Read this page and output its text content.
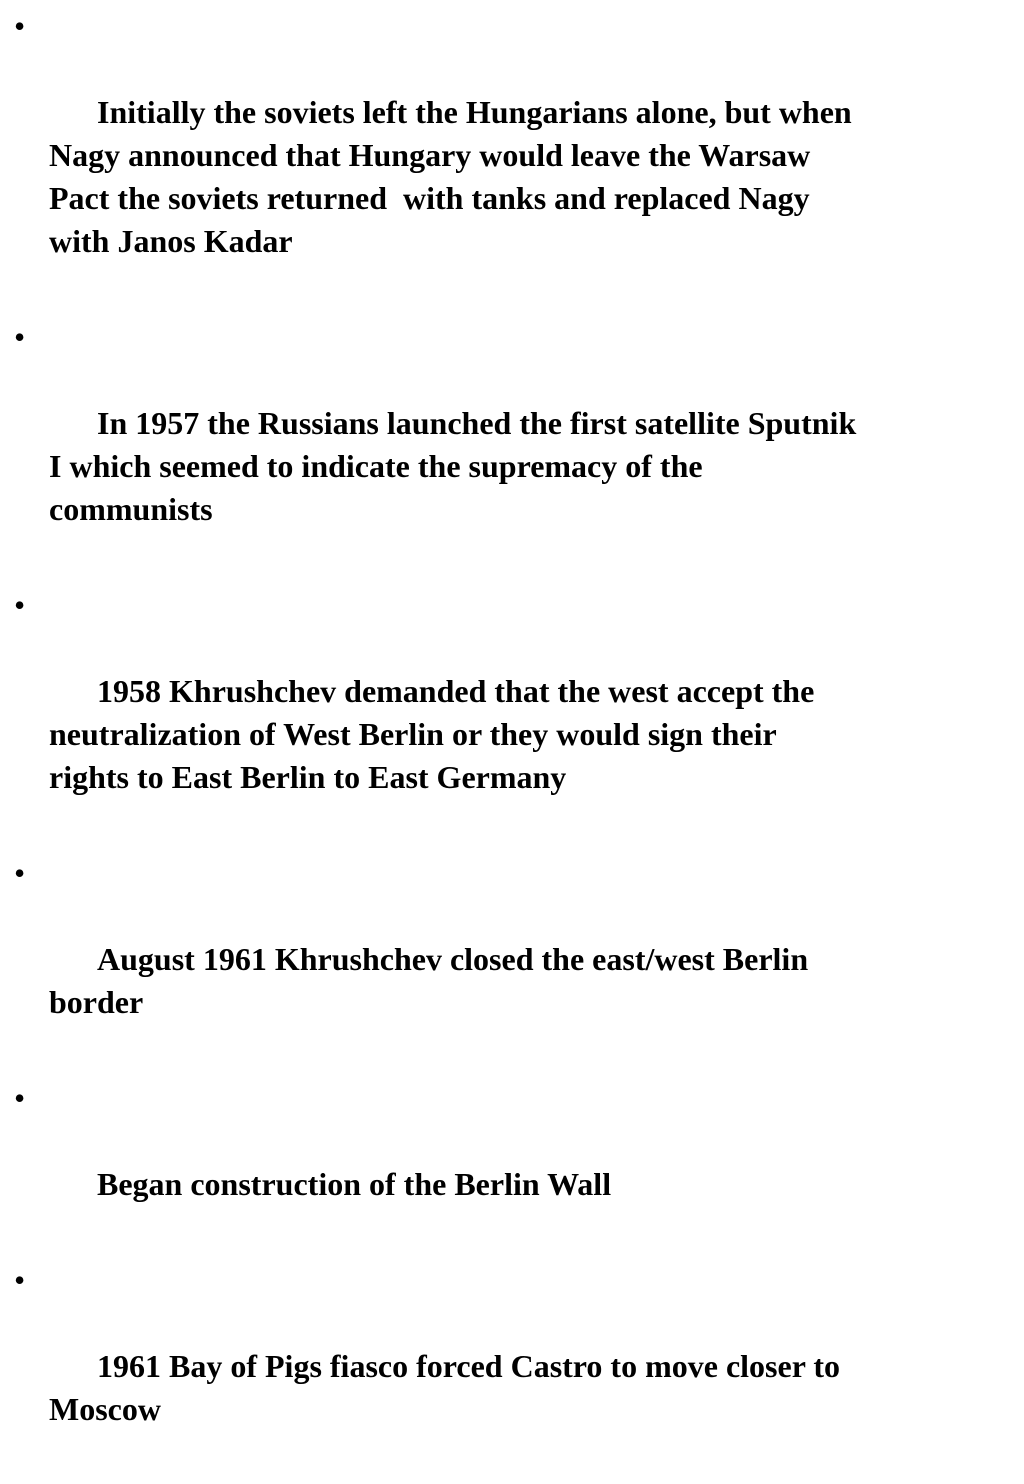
•

Initially the soviets left the Hungarians alone, but when
Nagy announced that Hungary would leave the Warsaw
Pact the soviets returned  with tanks and replaced Nagy
with Janos Kadar

•

In 1957 the Russians launched the first satellite Sputnik
I which seemed to indicate the supremacy of the
communists

•

1958 Khrushchev demanded that the west accept the
neutralization of West Berlin or they would sign their
rights to East Berlin to East Germany

•

August 1961 Khrushchev closed the east/west Berlin
border

•

Began construction of the Berlin Wall

•

1961 Bay of Pigs fiasco forced Castro to move closer to
Moscow
